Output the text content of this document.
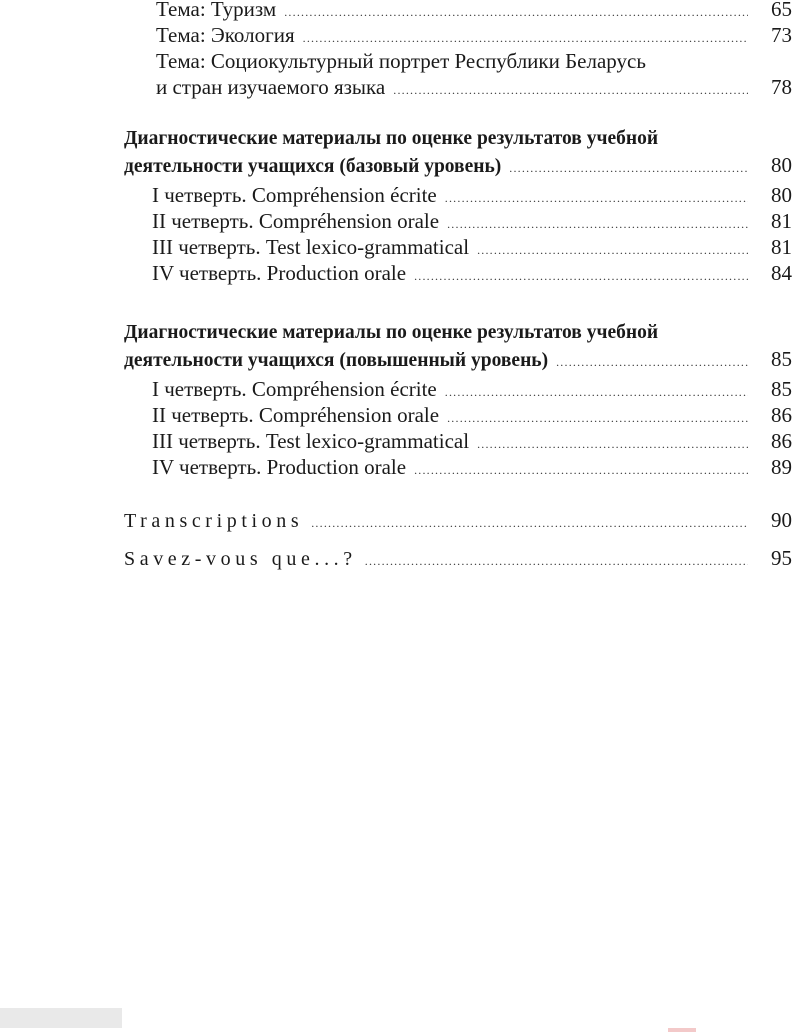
Тема: Туризм .....	65
Тема: Экология .....	73
Тема: Социокультурный портрет Республики Беларусь
и стран изучаемого языка .....	78
Диагностические материалы по оценке результатов учебной
деятельности учащихся (базовый уровень) .....	80
I четверть. Compréhension écrite .....	80
II четверть. Compréhension orale .....	81
III четверть. Test lexico-grammatical .....	81
IV четверть. Production orale .....	84
Диагностические материалы по оценке результатов учебной
деятельности учащихся (повышенный уровень) .....	85
I четверть. Compréhension écrite .....	85
II четверть. Compréhension orale .....	86
III четверть. Test lexico-grammatical .....	86
IV четверть. Production orale .....	89
Transcriptions .....	90
Savez-vous que...? .....	95
